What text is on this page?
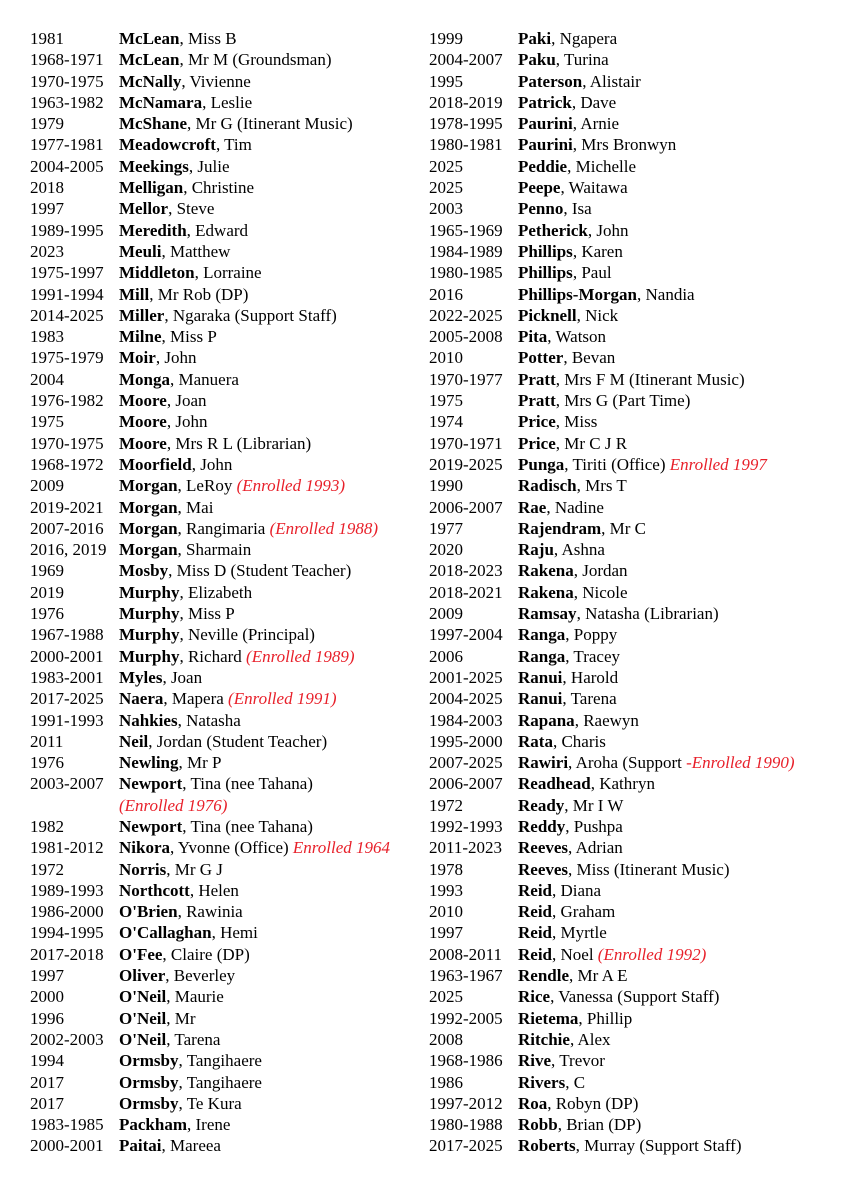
1981	McLean, Miss B
1968-1971 McLean, Mr M (Groundsman)
1970-1975 McNally, Vivienne
1963-1982 McNamara, Leslie
1979	McShane, Mr G (Itinerant Music)
1977-1981 Meadowcroft, Tim
2004-2005 Meekings, Julie
2018	Melligan, Christine
1997	Mellor, Steve
1989-1995 Meredith, Edward
2023	Meuli, Matthew
1975-1997 Middleton, Lorraine
1991-1994 Mill, Mr Rob (DP)
2014-2025 Miller, Ngaraka (Support Staff)
1983	Milne, Miss P
1975-1979 Moir, John
2004	Monga, Manuera
1976-1982 Moore, Joan
1975	Moore, John
1970-1975 Moore, Mrs R L (Librarian)
1968-1972 Moorfield, John
2009	Morgan, LeRoy (Enrolled 1993)
2019-2021 Morgan, Mai
2007-2016 Morgan, Rangimaria (Enrolled 1988)
2016, 2019 Morgan, Sharmain
1969	Mosby, Miss D (Student Teacher)
2019	Murphy, Elizabeth
1976	Murphy, Miss P
1967-1988 Murphy, Neville (Principal)
2000-2001 Murphy, Richard (Enrolled 1989)
1983-2001 Myles, Joan
2017-2025 Naera, Mapera (Enrolled 1991)
1991-1993 Nahkies, Natasha
2011	Neil, Jordan (Student Teacher)
1976	Newling, Mr P
2003-2007 Newport, Tina (nee Tahana)
(Enrolled 1976)
1982	Newport, Tina (nee Tahana)
1981-2012 Nikora, Yvonne (Office) Enrolled 1964
1972	Norris, Mr G J
1989-1993 Northcott, Helen
1986-2000 O'Brien, Rawinia
1994-1995 O'Callaghan, Hemi
2017-2018 O'Fee, Claire (DP)
1997	Oliver, Beverley
2000	O'Neil, Maurie
1996	O'Neil, Mr
2002-2003 O'Neil, Tarena
1994	Ormsby, Tangihaere
2017	Ormsby, Tangihaere
2017	Ormsby, Te Kura
1983-1985 Packham, Irene
2000-2001 Paitai, Mareea
1999	Paki, Ngapera
2004-2007 Paku, Turina
1995	Paterson, Alistair
2018-2019 Patrick, Dave
1978-1995 Paurini, Arnie
1980-1981 Paurini, Mrs Bronwyn
2025	Peddie, Michelle
2025	Peepe, Waitawa
2003	Penno, Isa
1965-1969 Petherick, John
1984-1989 Phillips, Karen
1980-1985 Phillips, Paul
2016	Phillips-Morgan, Nandia
2022-2025 Picknell, Nick
2005-2008 Pita, Watson
2010	Potter, Bevan
1970-1977 Pratt, Mrs F M (Itinerant Music)
1975	Pratt, Mrs G (Part Time)
1974	Price, Miss
1970-1971 Price, Mr C J R
2019-2025 Punga, Tiriti (Office) Enrolled 1997
1990	Radisch, Mrs T
2006-2007 Rae, Nadine
1977	Rajendram, Mr C
2020	Raju, Ashna
2018-2023 Rakena, Jordan
2018-2021 Rakena, Nicole
2009	Ramsay, Natasha (Librarian)
1997-2004 Ranga, Poppy
2006	Ranga, Tracey
2001-2025 Ranui, Harold
2004-2025 Ranui, Tarena
1984-2003 Rapana, Raewyn
1995-2000 Rata, Charis
2007-2025 Rawiri, Aroha (Support -Enrolled 1990)
2006-2007 Readhead, Kathryn
1972	Ready, Mr I W
1992-1993 Reddy, Pushpa
2011-2023 Reeves, Adrian
1978	Reeves, Miss (Itinerant Music)
1993	Reid, Diana
2010	Reid, Graham
1997	Reid, Myrtle
2008-2011 Reid, Noel (Enrolled 1992)
1963-1967 Rendle, Mr A E
2025	Rice, Vanessa (Support Staff)
1992-2005 Rietema, Phillip
2008	Ritchie, Alex
1968-1986 Rive, Trevor
1986	Rivers, C
1997-2012 Roa, Robyn (DP)
1980-1988 Robb, Brian (DP)
2017-2025 Roberts, Murray (Support Staff)
